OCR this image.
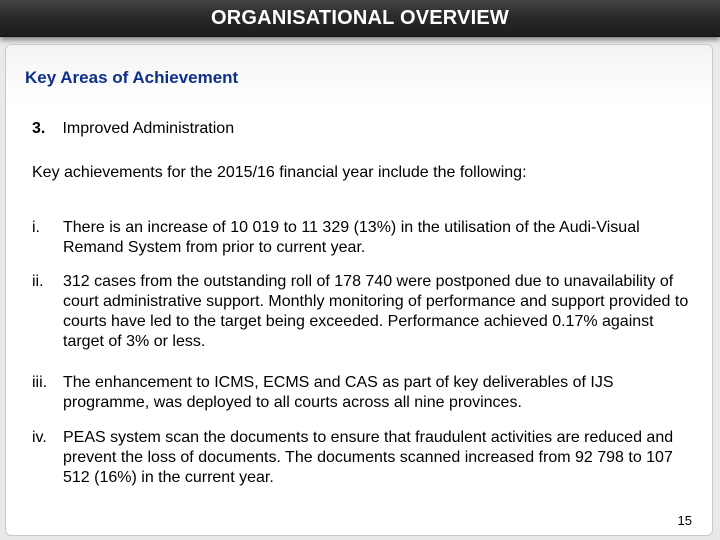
ORGANISATIONAL OVERVIEW
Key Areas of Achievement
3. Improved Administration
Key achievements for the 2015/16 financial year include the following:
i. There is an increase of 10 019 to 11 329 (13%) in the utilisation of the Audi-Visual Remand System from prior to current year.
ii. 312 cases from the outstanding roll of 178 740 were postponed due to unavailability of court administrative support. Monthly monitoring of performance and support provided to courts have led to the target being exceeded. Performance achieved 0.17% against target of 3% or less.
iii. The enhancement to ICMS, ECMS and CAS as part of key deliverables of IJS programme, was deployed to all courts across all nine provinces.
iv. PEAS system scan the documents to ensure that fraudulent activities are reduced and prevent the loss of documents. The documents scanned increased from 92 798 to 107 512 (16%) in the current year.
15
